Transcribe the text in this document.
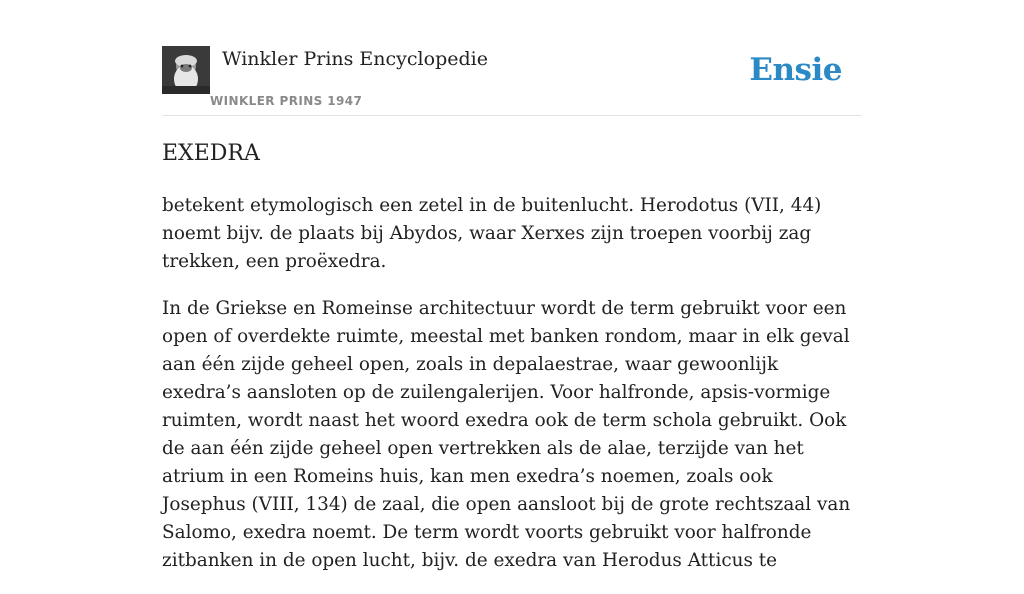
Winkler Prins Encyclopedie
WINKLER PRINS 1947
Ensie
EXEDRA

betekent etymologisch een zetel in de buitenlucht. Herodotus (VII, 44) noemt bijv. de plaats bij Abydos, waar Xerxes zijn troepen voorbij zag trekken, een proëxedra.

In de Griekse en Romeinse architectuur wordt de term gebruikt voor een open of overdekte ruimte, meestal met banken rondom, maar in elk geval aan één zijde geheel open, zoals in depalaestrae, waar gewoonlijk exedra’s aansloten op de zuilengalerijen. Voor halfronde, apsis-vormige ruimten, wordt naast het woord exedra ook de term schola gebruikt. Ook de aan één zijde geheel open vertrekken als de alae, terzijde van het atrium in een Romeins huis, kan men exedra’s noemen, zoals ook Josephus (VIII, 134) de zaal, die open aansloot bij de grote rechtszaal van Salomo, exedra noemt. De term wordt voorts gebruikt voor halfronde zitbanken in de open lucht, bijv. de exedra van Herodus Atticus te
